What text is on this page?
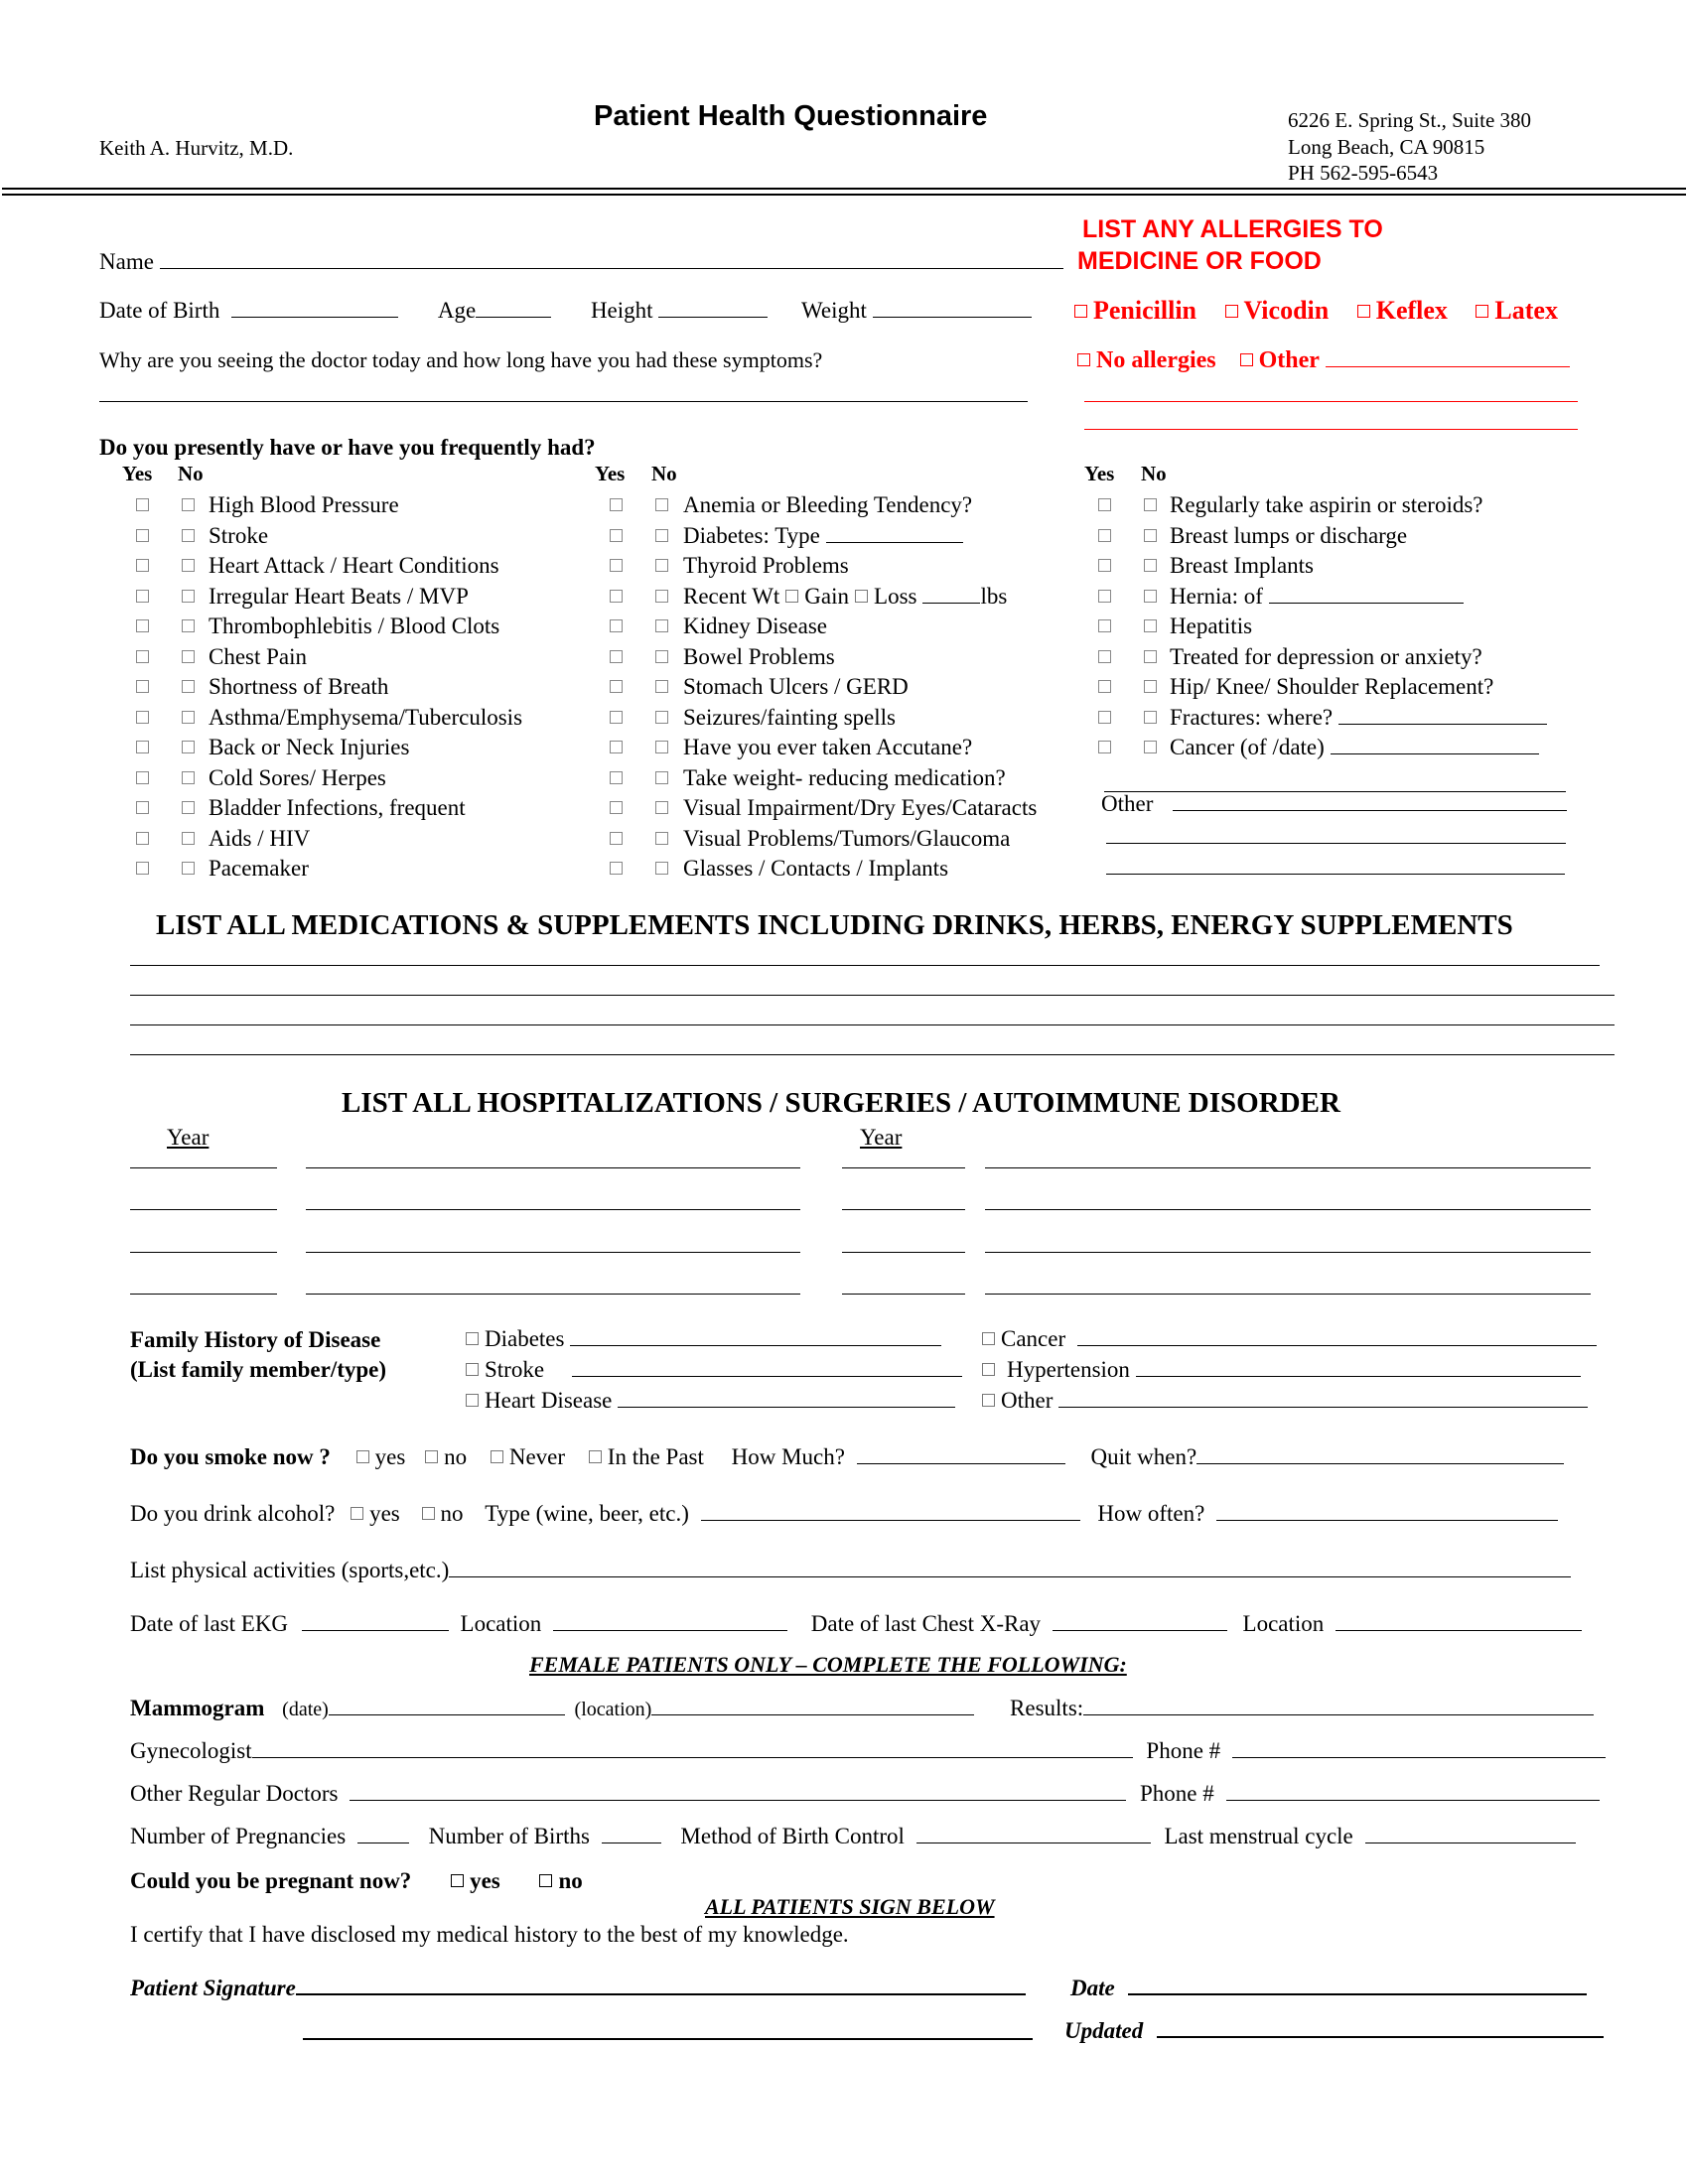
Patient Health Questionnaire
Keith A. Hurvitz, M.D.
6226 E. Spring St., Suite 380
Long Beach, CA 90815
PH 562-595-6543
Name
Date of Birth	Age	Height	Weight
Why are you seeing the doctor today and how long have you had these symptoms?
LIST ANY ALLERGIES TO
MEDICINE OR FOOD
Penicillin Vicodin Keflex Latex
No allergies Other
Do you presently have or have you frequently had?
Yes No	Yes No	Yes No
High Blood Pressure
Stroke
Heart Attack / Heart Conditions
Irregular Heart Beats / MVP
Thrombophlebitis / Blood Clots
Chest Pain
Shortness of Breath
Asthma/Emphysema/Tuberculosis
Back or Neck Injuries
Cold Sores/ Herpes
Bladder Infections, frequent
Aids / HIV
Pacemaker
Anemia or Bleeding Tendency?
Diabetes: Type
Thyroid Problems
Recent Wt Gain Loss	lbs
Kidney Disease
Bowel Problems
Stomach Ulcers / GERD
Seizures/fainting spells
Have you ever taken Accutane?
Take weight- reducing medication?
Visual Impairment/Dry Eyes/Cataracts
Visual Problems/Tumors/Glaucoma
Glasses / Contacts / Implants
Regularly take aspirin or steroids?
Breast lumps or discharge
Breast Implants
Hernia: of
Hepatitis
Treated for depression or anxiety?
Hip/ Knee/ Shoulder Replacement?
Fractures: where?
Cancer (of /date)
Other
LIST ALL MEDICATIONS & SUPPLEMENTS INCLUDING DRINKS, HERBS, ENERGY SUPPLEMENTS
LIST ALL HOSPITALIZATIONS / SURGERIES / AUTOIMMUNE DISORDER
Year	Year
Family History of Disease
(List family member/type)
Diabetes
Stroke
Heart Disease
Cancer
Hypertension
Other
Do you smoke now ? yes no Never In the Past How Much?	Quit when?
Do you drink alcohol? yes no Type (wine, beer, etc.)	How often?
List physical activities (sports,etc.)
Date of last EKG	Location	Date of last Chest X-Ray	Location
FEMALE PATIENTS ONLY – COMPLETE THE FOLLOWING:
Mammogram (date)	(location)	Results:
Gynecologist	Phone #
Other Regular Doctors	Phone #
Number of Pregnancies	Number of Births	Method of Birth Control	Last menstrual cycle
Could you be pregnant now?	yes	no
ALL PATIENTS SIGN BELOW
I certify that I have disclosed my medical history to the best of my knowledge.
Patient Signature	Date
Updated
